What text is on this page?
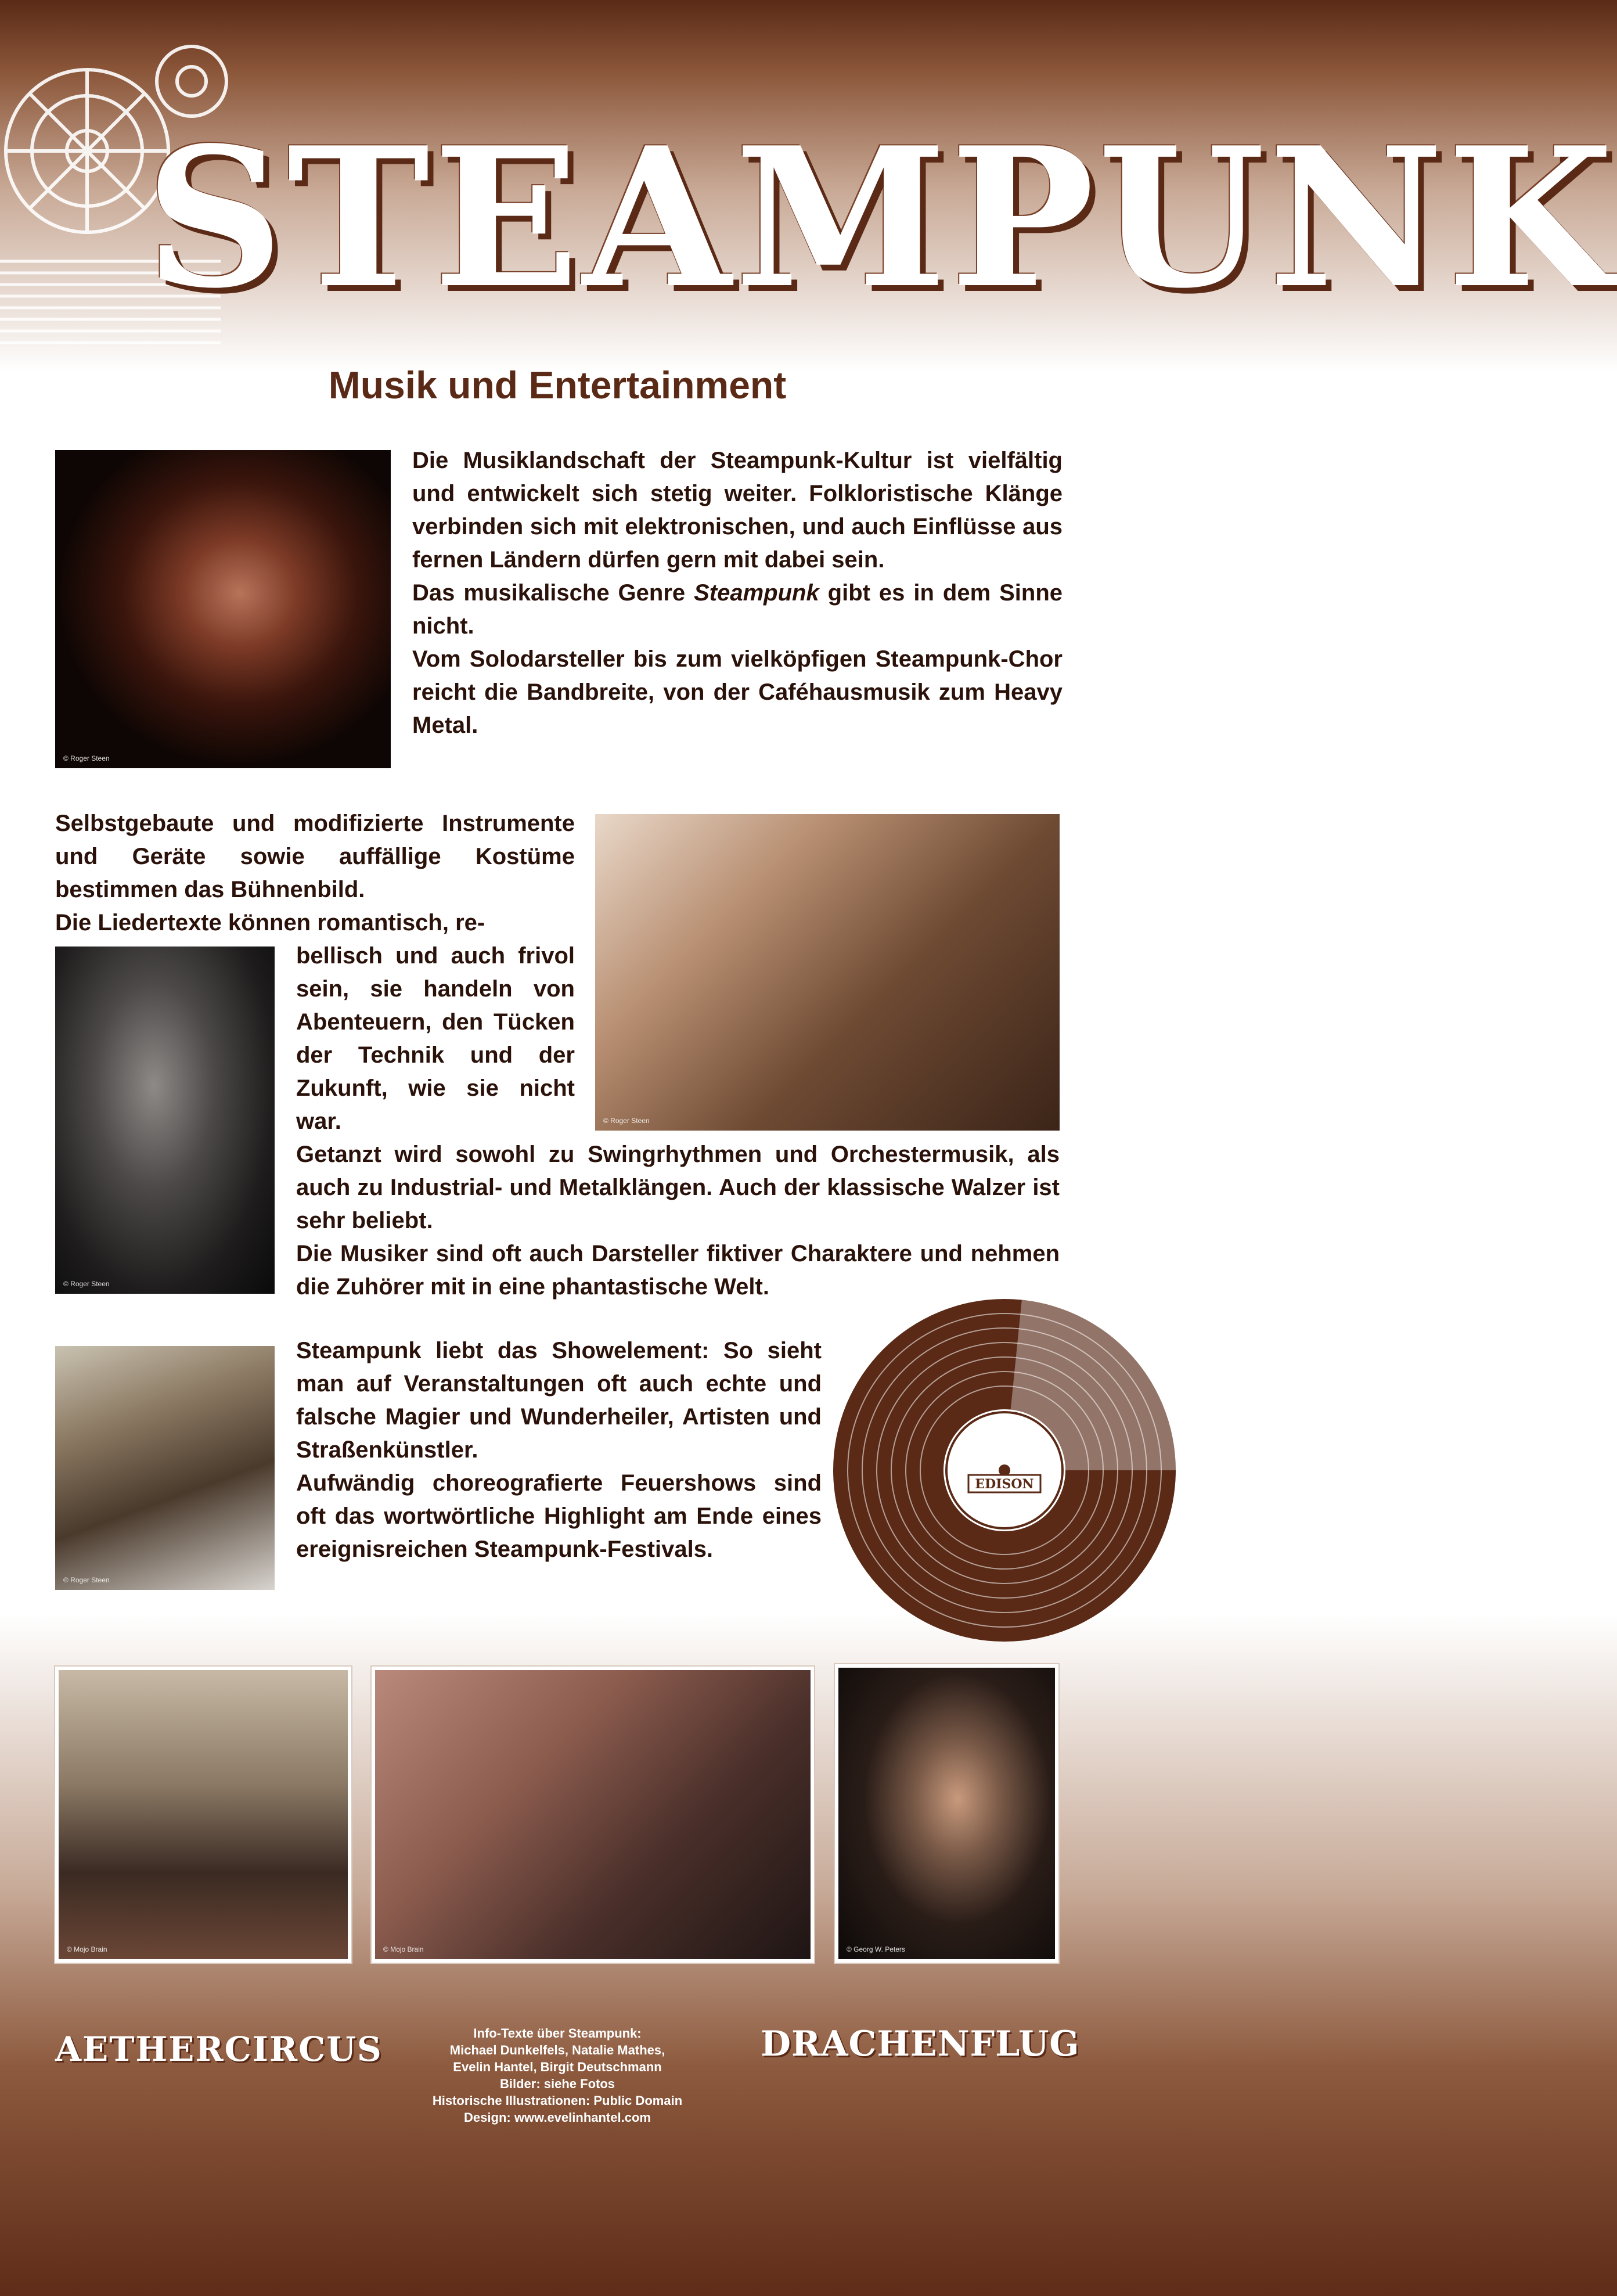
STEAMPUNK
Musik und Entertainment
© Roger Steen

Die Musiklandschaft der Steampunk-Kultur ist vielfältig und entwickelt sich stetig weiter. Folkloristische Klänge verbinden sich mit elektronischen, und auch Einflüsse aus fernen Ländern dürfen gern mit dabei sein.

Das musikalische Genre Steampunk gibt es in dem Sinne nicht.

Vom Solodarsteller bis zum vielköpfigen Steampunk-Chor reicht die Bandbreite, von der Caféhausmusik zum Heavy Metal.

Selbstgebaute und modifizierte Instrumente und Geräte sowie auffällige Kostüme bestimmen das Bühnenbild.

Die Liedertexte können romantisch, re-

© Roger Steen
© Roger Steen

bellisch und auch frivol sein, sie handeln von Abenteuern, den Tücken der Technik und der Zukunft, wie sie nicht war.

Getanzt wird sowohl zu Swingrhythmen und Orchestermusik, als auch zu Industrial- und Metalklängen. Auch der klassische Walzer ist sehr beliebt.

Die Musiker sind oft auch Darsteller fiktiver Charaktere und nehmen die Zuhörer mit in eine phantastische Welt.

© Roger Steen

Steampunk liebt das Showelement: So sieht man auf Veranstaltungen oft auch echte und falsche Magier und Wunderheiler, Artisten und Straßenkünstler.

Aufwändig choreografierte Feuershows sind oft das wortwörtliche Highlight am Ende eines ereignisreichen Steampunk-Festivals.

EDISON
© Mojo Brain	© Mojo Brain	© Georg W. Peters
AETHERCIRCUS	Info-Texte über Steampunk:
Michael Dunkelfels, Natalie Mathes,
Evelin Hantel, Birgit Deutschmann
Bilder: siehe Fotos
Historische Illustrationen: Public Domain
Design: www.evelinhantel.com
DRACHENFLUG
